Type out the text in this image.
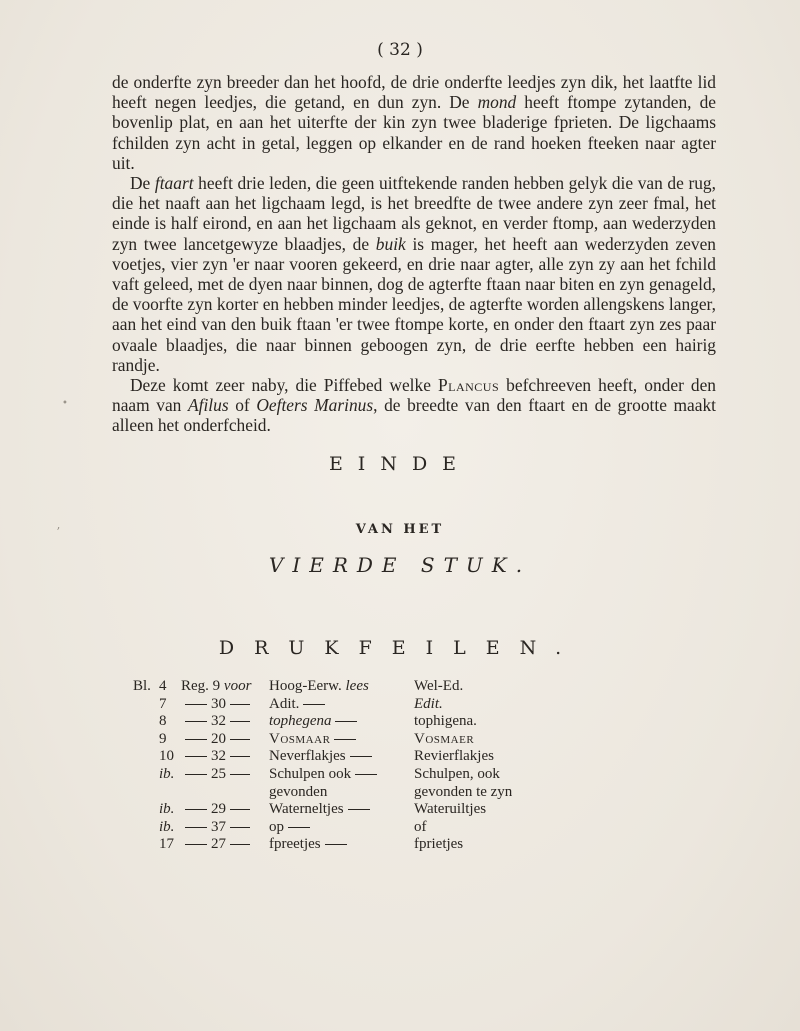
( 32 )

de onderfte zyn breeder dan het hoofd, de drie onderfte leedjes zyn dik, het laatfte lid heeft negen leedjes, die getand, en dun zyn. De mond heeft ftompe zytanden, de bovenlip plat, en aan het uiterfte der kin zyn twee bladerige fprieten. De ligchaams fchilden zyn acht in getal, leggen op elkander en de rand hoeken fteeken naar agter uit.

De ftaart heeft drie leden, die geen uitftekende randen hebben gelyk die van de rug, die het naaft aan het ligchaam legd, is het breedfte de twee andere zyn zeer fmal, het einde is half eirond, en aan het ligchaam als geknot, en verder ftomp, aan wederzyden zyn twee lancetgewyze blaadjes, de buik is mager, het heeft aan wederzyden zeven voetjes, vier zyn 'er naar vooren gekeerd, en drie naar agter, alle zyn zy aan het fchild vaft geleed, met de dyen naar binnen, dog de agterfte ftaan naar biten en zyn genageld, de voorfte zyn korter en hebben minder leedjes, de agterfte worden allengskens langer, aan het eind van den buik ftaan 'er twee ftompe korte, en onder den ftaart zyn zes paar ovaale blaadjes, die naar binnen geboogen zyn, de drie eerfte hebben een hairig randje.

Deze komt zeer naby, die Piffebed welke Plancus befchreeven heeft, onder den naam van Afilus of Oefters Marinus, de breedte van den ftaart en de grootte maakt alleen het onderfcheid.

EINDE
VAN HET
VIERDE STUK.
DRUKFEILEN.
Bl.	4	Reg. 9 voor	Hoog-Eerw. lees	Wel-Ed.
	7	30	Adit.	Edit.
	8	32	tophegena	tophigena.
	9	20	Vosmaar	Vosmaer
	10	32	Neverflakjes	Revierflakjes
	ib.	25	Schulpen ook	Schulpen, ook
			gevonden	gevonden te zyn
	ib.	29	Waterneltjes	Wateruiltjes
	ib.	37	op	of
	17	27	fpreetjes	fprietjes
ʼ
•
